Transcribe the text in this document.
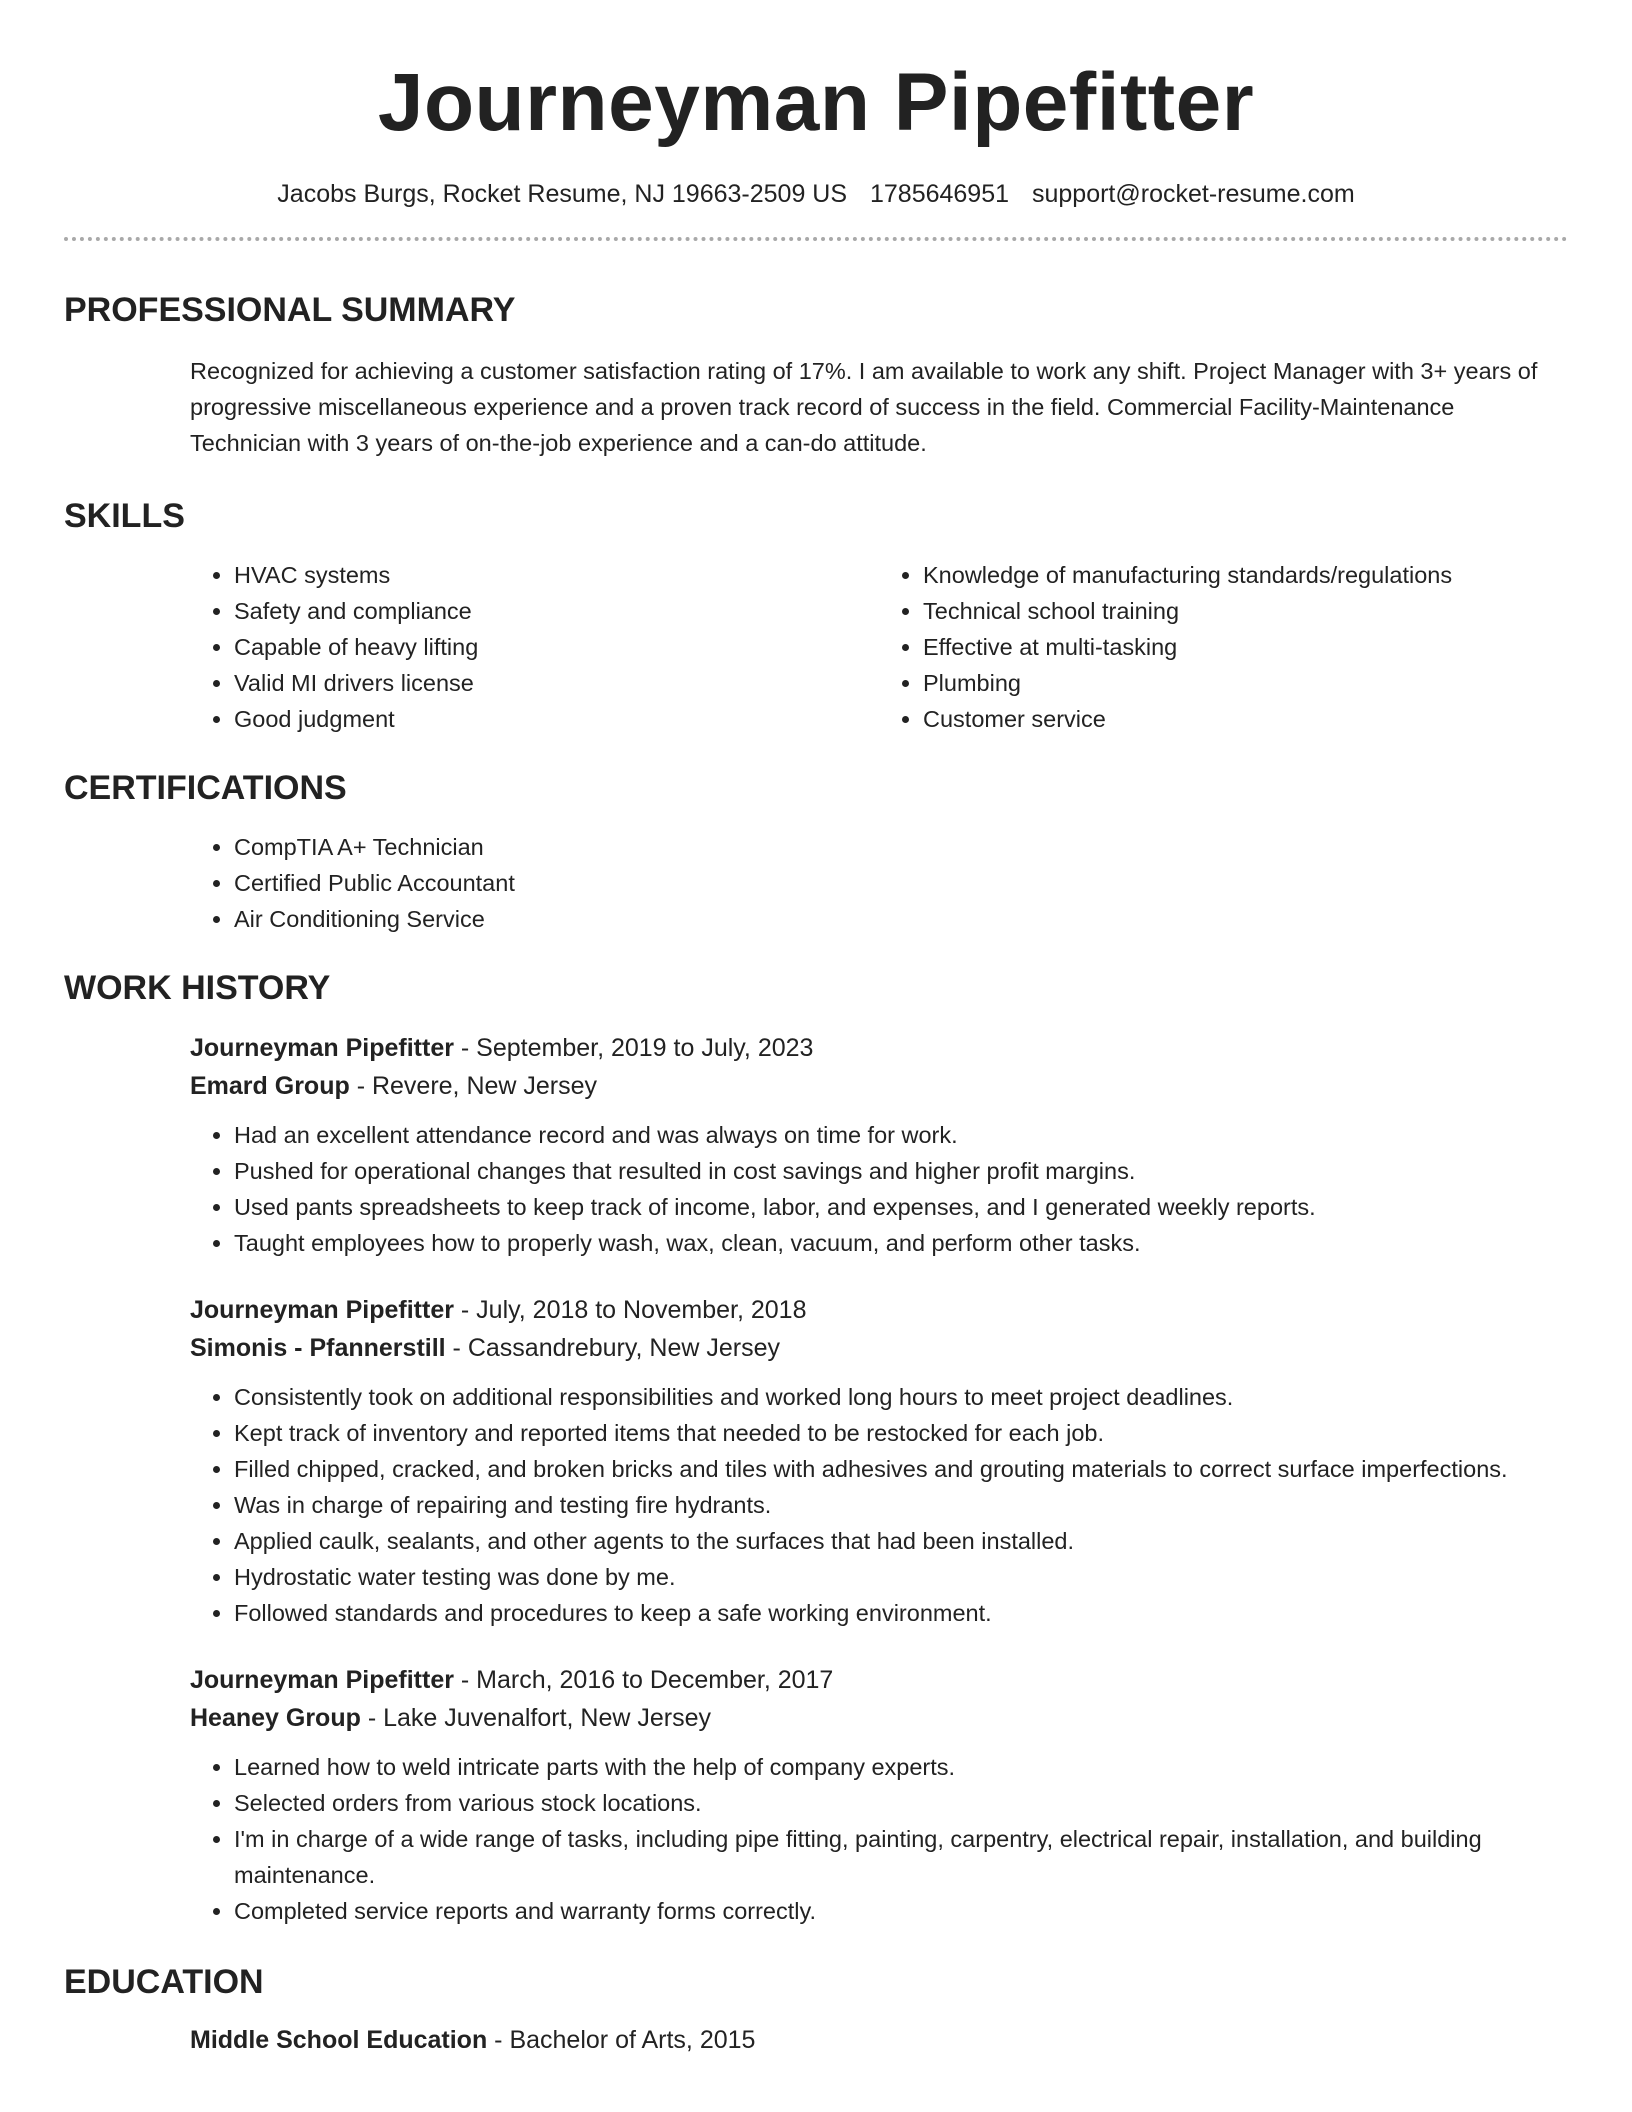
Journeyman Pipefitter
Jacobs Burgs, Rocket Resume, NJ 19663-2509 US 1785646951 support@rocket-resume.com
PROFESSIONAL SUMMARY

Recognized for achieving a customer satisfaction rating of 17%. I am available to work any shift. Project Manager with 3+ years of progressive miscellaneous experience and a proven track record of success in the field. Commercial Facility-Maintenance Technician with 3 years of on-the-job experience and a can-do attitude.

SKILLS
• HVAC systems
• Safety and compliance
• Capable of heavy lifting
• Valid MI drivers license
• Good judgment
• Knowledge of manufacturing standards/regulations
• Technical school training
• Effective at multi-tasking
• Plumbing
• Customer service
CERTIFICATIONS
• CompTIA A+ Technician
• Certified Public Accountant
• Air Conditioning Service
WORK HISTORY
Journeyman Pipefitter - September, 2019 to July, 2023
Emard Group - Revere, New Jersey
• Had an excellent attendance record and was always on time for work.
• Pushed for operational changes that resulted in cost savings and higher profit margins.
• Used pants spreadsheets to keep track of income, labor, and expenses, and I generated weekly reports.
• Taught employees how to properly wash, wax, clean, vacuum, and perform other tasks.
Journeyman Pipefitter - July, 2018 to November, 2018
Simonis - Pfannerstill - Cassandrebury, New Jersey
• Consistently took on additional responsibilities and worked long hours to meet project deadlines.
• Kept track of inventory and reported items that needed to be restocked for each job.
• Filled chipped, cracked, and broken bricks and tiles with adhesives and grouting materials to correct surface imperfections.
• Was in charge of repairing and testing fire hydrants.
• Applied caulk, sealants, and other agents to the surfaces that had been installed.
• Hydrostatic water testing was done by me.
• Followed standards and procedures to keep a safe working environment.
Journeyman Pipefitter - March, 2016 to December, 2017
Heaney Group - Lake Juvenalfort, New Jersey
• Learned how to weld intricate parts with the help of company experts.
• Selected orders from various stock locations.
• I'm in charge of a wide range of tasks, including pipe fitting, painting, carpentry, electrical repair, installation, and building maintenance.
• Completed service reports and warranty forms correctly.
EDUCATION
Middle School Education - Bachelor of Arts, 2015
